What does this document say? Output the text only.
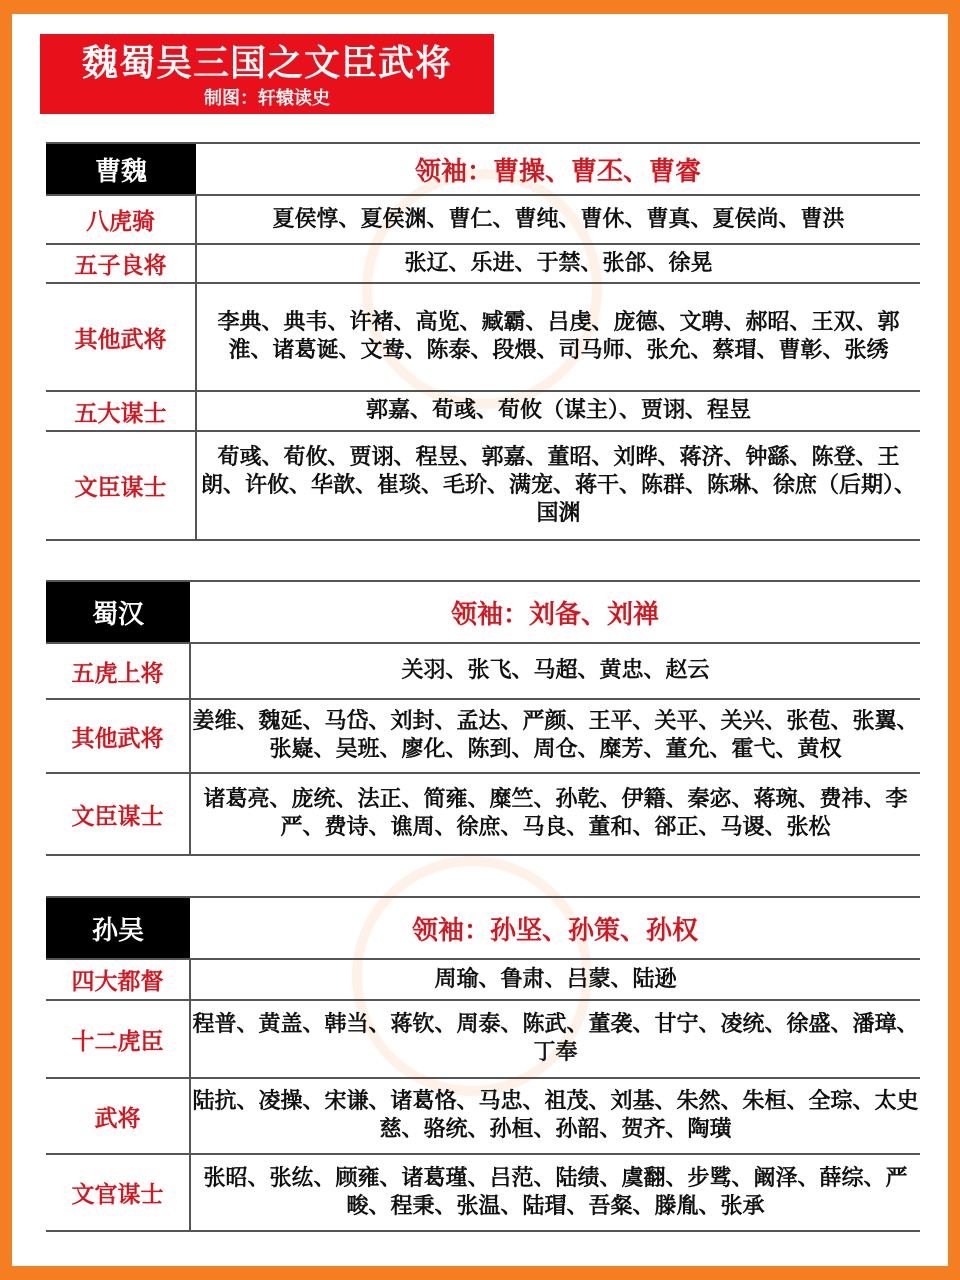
魏蜀吴三国之文臣武将
制图：轩辕读史
曹魏	领袖：曹操、曹丕、曹睿
八虎骑	夏侯惇、夏侯渊、曹仁、曹纯、曹休、曹真、夏侯尚、曹洪
五子良将	张辽、乐进、于禁、张郃、徐晃
其他武将	李典、典韦、许褚、高览、臧霸、吕虔、庞德、文聘、郝昭、王双、郭淮、诸葛诞、文鸯、陈泰、段煨、司马师、张允、蔡瑁、曹彰、张绣
五大谋士	郭嘉、荀彧、荀攸（谋主）、贾诩、程昱
文臣谋士	荀彧、荀攸、贾诩、程昱、郭嘉、董昭、刘晔、蒋济、钟繇、陈登、王朗、许攸、华歆、崔琰、毛玠、满宠、蒋干、陈群、陈琳、徐庶（后期）、国渊
蜀汉	领袖：刘备、刘禅
五虎上将	关羽、张飞、马超、黄忠、赵云
其他武将	姜维、魏延、马岱、刘封、孟达、严颜、王平、关平、关兴、张苞、张翼、张嶷、吴班、廖化、陈到、周仓、糜芳、董允、霍弋、黄权
文臣谋士	诸葛亮、庞统、法正、简雍、糜竺、孙乾、伊籍、秦宓、蒋琬、费祎、李严、费诗、谯周、徐庶、马良、董和、郤正、马谡、张松
孙吴	领袖：孙坚、孙策、孙权
四大都督	周瑜、鲁肃、吕蒙、陆逊
十二虎臣	程普、黄盖、韩当、蒋钦、周泰、陈武、董袭、甘宁、凌统、徐盛、潘璋、丁奉
武将	陆抗、凌操、宋谦、诸葛恪、马忠、祖茂、刘基、朱然、朱桓、全琮、太史慈、骆统、孙桓、孙韶、贺齐、陶璜
文官谋士	张昭、张纮、顾雍、诸葛瑾、吕范、陆绩、虞翻、步骘、阚泽、薛综、严畯、程秉、张温、陆瑁、吾粲、滕胤、张承
